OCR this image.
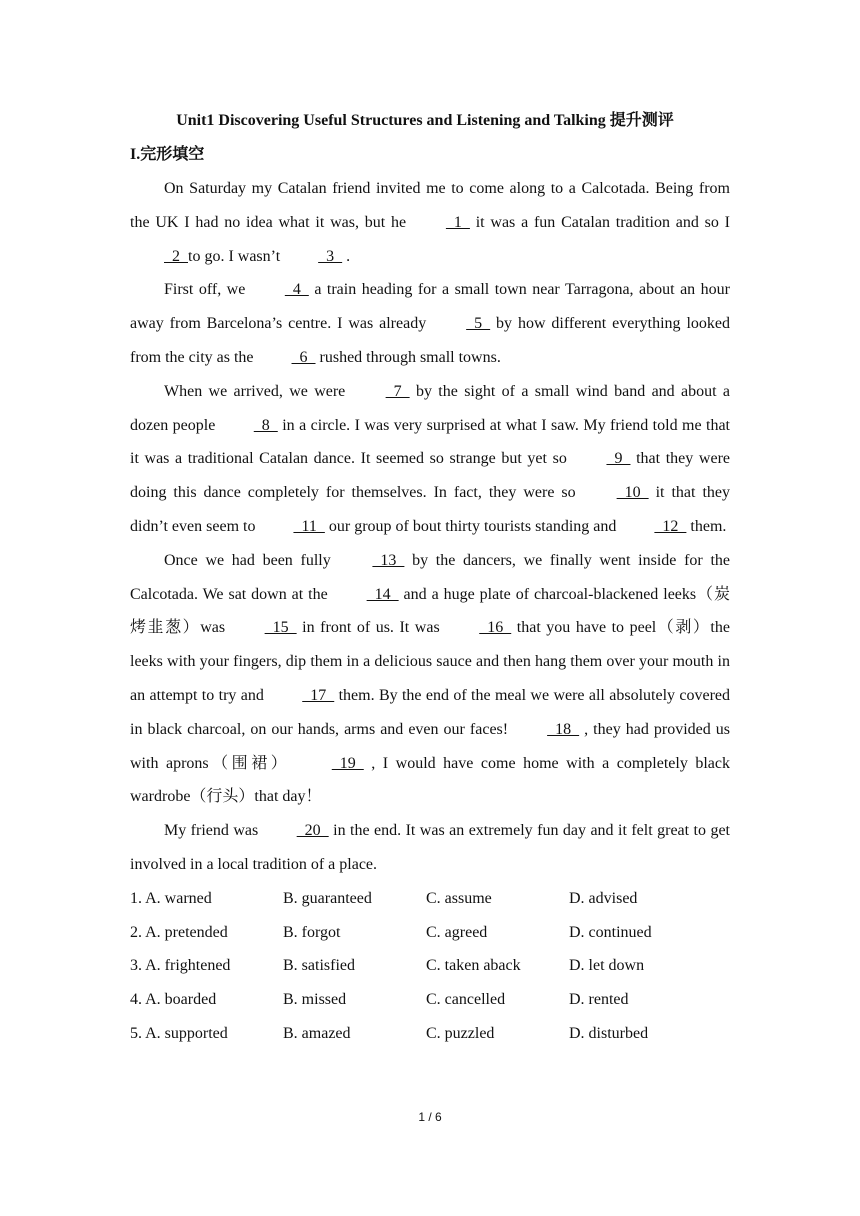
Unit1 Discovering Useful Structures and Listening and Talking 提升测评
I.完形填空

On Saturday my Catalan friend invited me to come along to a Calcotada. Being from the UK I had no idea what it was, but he   1   it was a fun Catalan tradition and so I   2  to go. I wasn’t   3   .

First off, we   4   a train heading for a small town near Tarragona, about an hour away from Barcelona’s centre. I was already   5   by how different everything looked from the city as the   6   rushed through small towns.

When we arrived, we were   7   by the sight of a small wind band and about a dozen people   8   in a circle. I was very surprised at what I saw. My friend told me that it was a traditional Catalan dance. It seemed so strange but yet so   9   that they were doing this dance completely for themselves. In fact, they were so   10   it that they didn’t even seem to   11   our group of bout thirty tourists standing and   12   them.

Once we had been fully   13   by the dancers, we finally went inside for the Calcotada. We sat down at the   14   and a huge plate of charcoal-blackened leeks（炭烤韭葱）was   15   in front of us. It was   16   that you have to peel（剥）the leeks with your fingers, dip them in a delicious sauce and then hang them over your mouth in an attempt to try and   17   them. By the end of the meal we were all absolutely covered in black charcoal, on our hands, arms and even our faces!   18   , they had provided us with aprons（围裙）   19   , I would have come home with a completely black wardrobe（行头）that day！

My friend was   20   in the end. It was an extremely fun day and it felt great to get involved in a local tradition of a place.

1. A. warned	B. guaranteed	C. assume	D. advised
2. A. pretended	B. forgot	C. agreed	D. continued
3. A. frightened	B. satisfied	C. taken aback	D. let down
4. A. boarded	B. missed	C. cancelled	D. rented
5. A. supported	B. amazed	C. puzzled	D. disturbed
1 / 6
